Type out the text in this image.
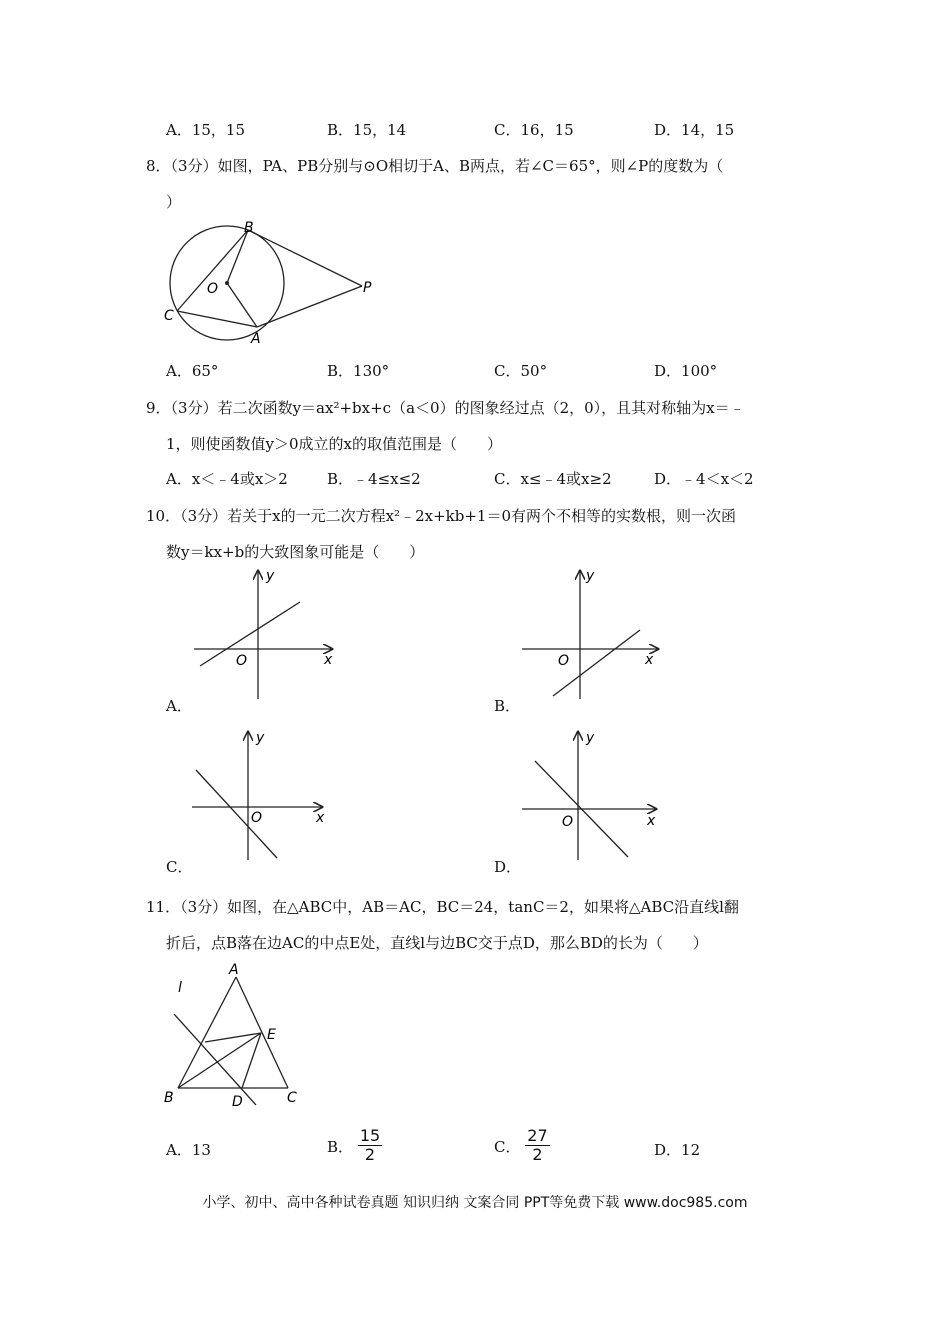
A．15，15	B．15，14	C．16，15	D．14，15
8．（3分）如图，PA、PB分别与⊙O相切于A、B两点，若∠C＝65°，则∠P的度数为（
）
B
O	P
C
A
A．65°	B．130°	C．50°	D．100°
9．（3分）若二次函数y＝ax²+bx+c（a＜0）的图象经过点（2，0），且其对称轴为x＝﹣
1，则使函数值y＞0成立的x的取值范围是（　　）
A．x＜﹣4或x＞2	B．﹣4≤x≤2	C．x≤﹣4或x≥2	D．﹣4＜x＜2
10．（3分）若关于x的一元二次方程x²﹣2x+kb+1＝0有两个不相等的实数根，则一次函
数y＝kx+b的大致图象可能是（　　）
y
x
O
A．
y
x
O
B．
y
x
O
C．
y
x
O
D．
11．（3分）如图，在△ABC中，AB＝AC，BC＝24，tanC＝2，如果将△ABC沿直线l翻
折后，点B落在边AC的中点E处，直线l与边BC交于点D，那么BD的长为（　　）
A
l
E
B	D	C
A．13	B． $\frac{15}{2}$	C． $\frac{27}{2}$	D．12
小学、初中、高中各种试卷真题 知识归纳 文案合同 PPT等免费下载 www.doc985.com
